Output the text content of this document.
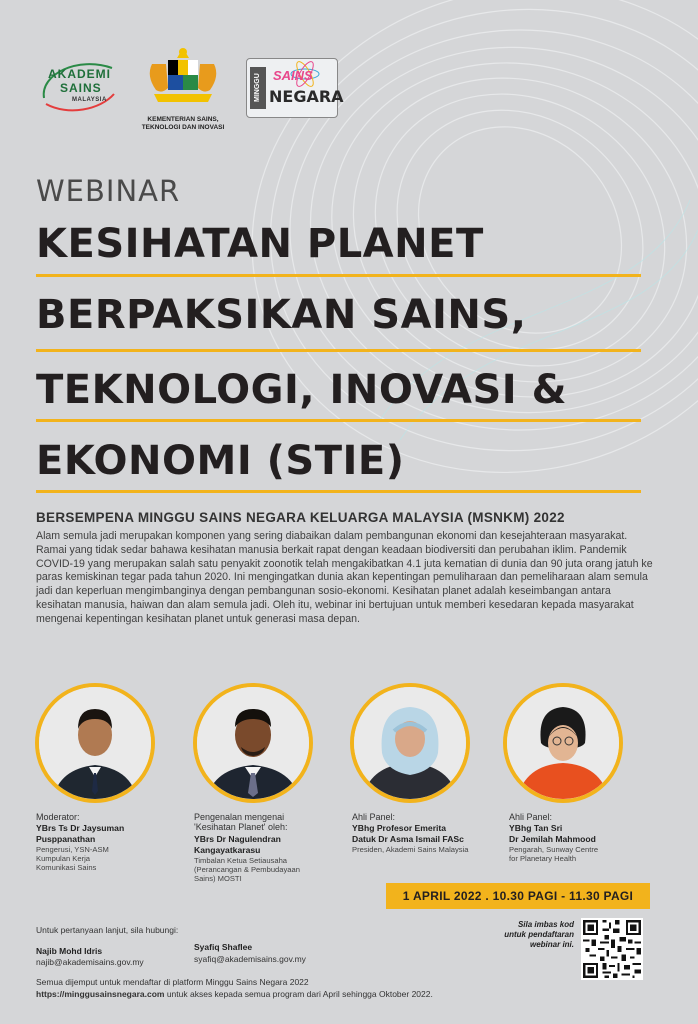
AKADEMI
SAINS
MALAYSIA
KEMENTERIAN SAINS,
TEKNOLOGI DAN INOVASI
MINGGU SAINS
NEGARA
WEBINAR
KESIHATAN PLANET
BERPAKSIKAN SAINS,
TEKNOLOGI, INOVASI &
EKONOMI (STIE)
BERSEMPENA MINGGU SAINS NEGARA KELUARGA MALAYSIA (MSNKM) 2022
Alam semula jadi merupakan komponen yang sering diabaikan dalam pembangunan ekonomi dan kesejahteraan masyarakat. Ramai yang tidak sedar bahawa kesihatan manusia berkait rapat dengan keadaan biodiversiti dan perubahan iklim. Pandemik COVID-19 yang merupakan salah satu penyakit zoonotik telah mengakibatkan 4.1 juta kematian di dunia dan 90 juta orang jatuh ke paras kemiskinan tegar pada tahun 2020. Ini mengingatkan dunia akan kepentingan pemuliharaan dan pemeliharaan alam semula jadi dan keperluan mengimbanginya dengan pembangunan sosio-ekonomi. Kesihatan planet adalah keseimbangan antara kesihatan manusia, haiwan dan alam semula jadi. Oleh itu, webinar ini bertujuan untuk memberi kesedaran kepada masyarakat mengenai kepentingan kesihatan planet untuk generasi masa depan.
Moderator:
YBrs Ts Dr Jaysuman
Pusppanathan
Pengerusi, YSN-ASM
Kumpulan Kerja
Komunikasi Sains
Pengenalan mengenai
'Kesihatan Planet' oleh:
YBrs Dr Nagulendran
Kangayatkarasu
Timbalan Ketua Setiausaha
(Perancangan & Pembudayaan
Sains) MOSTI
Ahli Panel:
YBhg Profesor Emerita
Datuk Dr Asma Ismail FASc
Presiden, Akademi Sains Malaysia
Ahli Panel:
YBhg Tan Sri
Dr Jemilah Mahmood
Pengarah, Sunway Centre
for Planetary Health
1 APRIL 2022 . 10.30 PAGI - 11.30 PAGI
Untuk pertanyaan lanjut, sila hubungi:
Najib Mohd Idris
najib@akademisains.gov.my
Syafiq Shaflee
syafiq@akademisains.gov.my
Sila imbas kod
untuk pendaftaran
webinar ini.
Semua dijemput untuk mendaftar di platform Minggu Sains Negara 2022
https://minggusainsnegara.com untuk akses kepada semua program dari April sehingga Oktober 2022.
